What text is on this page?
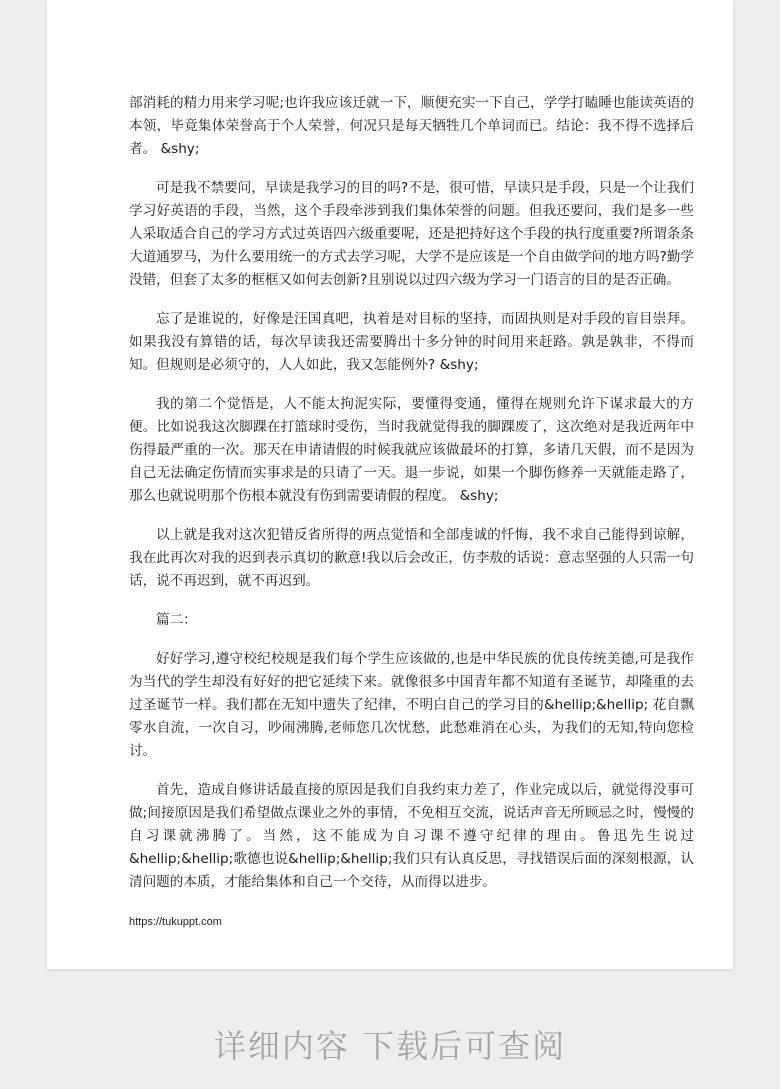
部消耗的精力用来学习呢;也许我应该迁就一下，顺便充实一下自己，学学打瞌睡也能读英语的本领，毕竟集体荣誉高于个人荣誉，何况只是每天牺牲几个单词而已。结论：我不得不选择后者。 &shy;

可是我不禁要问，早读是我学习的目的吗?不是，很可惜，早读只是手段，只是一个让我们学习好英语的手段，当然，这个手段牵涉到我们集体荣誉的问题。但我还要问，我们是多一些人采取适合自己的学习方式过英语四六级重要呢，还是把持好这个手段的执行度重要?所谓条条大道通罗马，为什么要用统一的方式去学习呢，大学不是应该是一个自由做学问的地方吗?勤学没错，但套了太多的框框又如何去创新?且别说以过四六级为学习一门语言的目的是否正确。

忘了是谁说的，好像是汪国真吧，执着是对目标的坚持，而固执则是对手段的盲目崇拜。如果我没有算错的话，每次早读我还需要腾出十多分钟的时间用来赶路。孰是孰非，不得而知。但规则是必须守的，人人如此，我又怎能例外? &shy;

我的第二个觉悟是，人不能太拘泥实际，要懂得变通，懂得在规则允许下谋求最大的方便。比如说我这次脚踝在打篮球时受伤，当时我就觉得我的脚踝废了，这次绝对是我近两年中伤得最严重的一次。那天在申请请假的时候我就应该做最坏的打算，多请几天假，而不是因为自己无法确定伤情而实事求是的只请了一天。退一步说，如果一个脚伤修养一天就能走路了，那么也就说明那个伤根本就没有伤到需要请假的程度。 &shy;

以上就是我对这次犯错反省所得的两点觉悟和全部虔诚的忏悔，我不求自己能得到谅解，我在此再次对我的迟到表示真切的歉意!我以后会改正，仿李敖的话说：意志坚强的人只需一句话，说不再迟到，就不再迟到。

篇二：

好好学习,遵守校纪校规是我们每个学生应该做的,也是中华民族的优良传统美德,可是我作为当代的学生却没有好好的把它延续下来。就像很多中国青年都不知道有圣诞节，却隆重的去过圣诞节一样。我们都在无知中遗失了纪律，不明白自己的学习目的&hellip;&hellip; 花自飘零水自流，一次自习，吵闹沸腾,老师您几次忧愁，此愁难消在心头，为我们的无知,特向您检讨。

首先，造成自修讲话最直接的原因是我们自我约束力差了，作业完成以后，就觉得没事可做;间接原因是我们希望做点课业之外的事情，不免相互交流，说话声音无所顾忌之时，慢慢的自习课就沸腾了。当然，这不能成为自习课不遵守纪律的理由。鲁迅先生说过&hellip;&hellip;歌德也说&hellip;&hellip;我们只有认真反思，寻找错误后面的深刻根源，认清问题的本质，才能给集体和自己一个交待，从而得以进步。

https://tukuppt.com
详细内容 下载后可查阅
